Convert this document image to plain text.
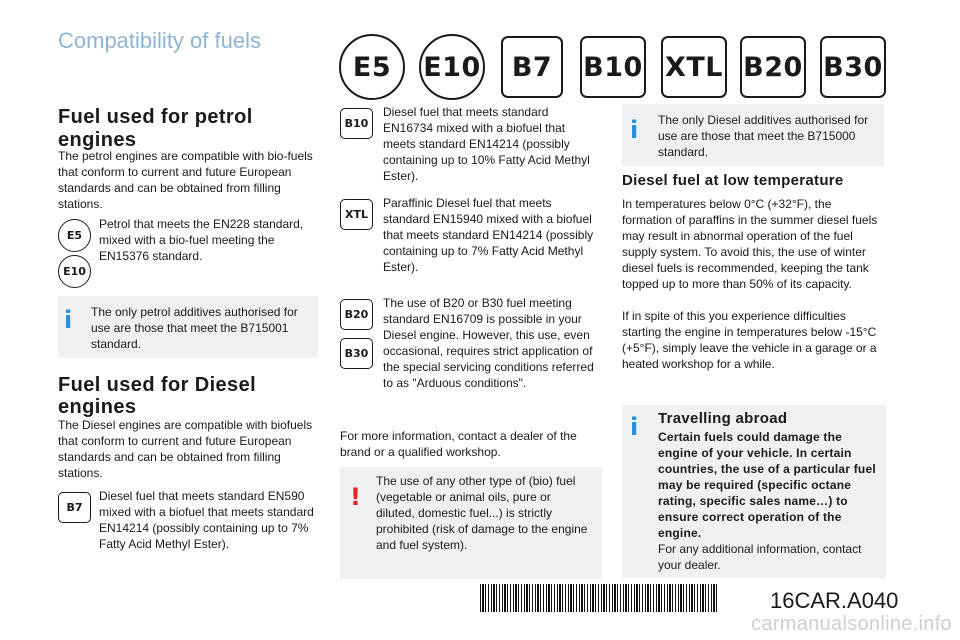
Compatibility of fuels
E5	E10	B7	B10 XTL B20 B30
Fuel used for petrol engines
The petrol engines are compatible with bio-fuels that conform to current and future European standards and can be obtained from filling stations.
E5
E10
Petrol that meets the EN228 standard, mixed with a bio-fuel meeting the EN15376 standard.
i The only petrol additives authorised for use are those that meet the B715001 standard.
Fuel used for Diesel engines
The Diesel engines are compatible with biofuels that conform to current and future European standards and can be obtained from filling stations.
B7
Diesel fuel that meets standard EN590 mixed with a biofuel that meets standard EN14214 (possibly containing up to 7% Fatty Acid Methyl Ester).
B10
Diesel fuel that meets standard EN16734 mixed with a biofuel that meets standard EN14214 (possibly containing up to 10% Fatty Acid Methyl Ester).
XTL
Paraffinic Diesel fuel that meets standard EN15940 mixed with a biofuel that meets standard EN14214 (possibly containing up to 7% Fatty Acid Methyl Ester).
B20
B30
The use of B20 or B30 fuel meeting standard EN16709 is possible in your Diesel engine. However, this use, even occasional, requires strict application of the special servicing conditions referred to as "Arduous conditions".
For more information, contact a dealer of the brand or a qualified workshop.
!
The use of any other type of (bio) fuel (vegetable or animal oils, pure or diluted, domestic fuel...) is strictly prohibited (risk of damage to the engine and fuel system).
i The only Diesel additives authorised for use are those that meet the B715000 standard.
Diesel fuel at low temperature
In temperatures below 0°C (+32°F), the formation of paraffins in the summer diesel fuels may result in abnormal operation of the fuel supply system. To avoid this, the use of winter diesel fuels is recommended, keeping the tank topped up to more than 50% of its capacity.
If in spite of this you experience difficulties starting the engine in temperatures below -15°C (+5°F), simply leave the vehicle in a garage or a heated workshop for a while.
i Travelling abroad
Certain fuels could damage the engine of your vehicle. In certain countries, the use of a particular fuel may be required (specific octane rating, specific sales name…) to ensure correct operation of the engine.
For any additional information, contact your dealer.
16CAR.A040
carmanualsonline.info
